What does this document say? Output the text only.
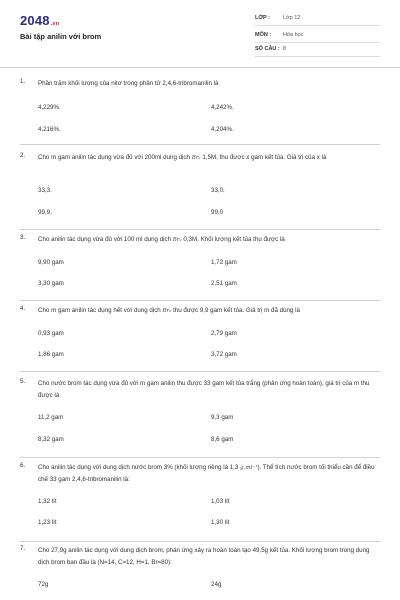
2048.vn
Bài tập anilin với brom
LỚP : Lớp 12
MÔN : Hóa học
SỐ CÂU : 8
1. Phần trăm khối lượng của nitơ trong phân tử 2,4,6-tribromanilin là
4,229%.	4,242%.
4,216%.	4,204%.
2. Cho m gam anilin tác dụng vừa đủ với 200ml dung dịch Br₂ 1,5M, thu được x gam kết tủa. Giá trị của x là
33,3.	33,0.
99,9.	99,0
3. Cho anilin tác dụng vừa đủ với 100 ml dung dịch Br₂ 0,3M. Khối lượng kết tủa thu được là
9,90 gam	1,72 gam
3,30 gam	2,51 gam
4. Cho m gam anilin tác dụng hết với dung dịch Br₂ thu được 9,9 gam kết tủa. Giá trị m đã dùng là
0,93 gam	2,79 gam
1,86 gam	3,72 gam
5. Cho nước brom tác dụng vừa đủ với m gam anilin thu được 33 gam kết tủa trắng (phản ứng hoàn toàn), giá trị của m thu được là
11,2 gam	9,3 gam
8,32 gam	8,6 gam
6. Cho anilin tác dụng với dung dịch nước brom 3% (khối lượng riêng là 1,3 g.ml⁻¹). Thể tích nước brom tối thiểu cần để điều chế 33 gam 2,4,6-tribromanilin là:
1,32 lít	1,03 lít
1,23 lít	1,30 lít
7. Cho 27,9g anilin tác dụng với dung dịch brom, phản ứng xảy ra hoàn toàn tạo 49,5g kết tủa. Khối lượng brom trong dung dịch brom ban đầu là (N=14, C=12, H=1, Br=80):
72g	24g
